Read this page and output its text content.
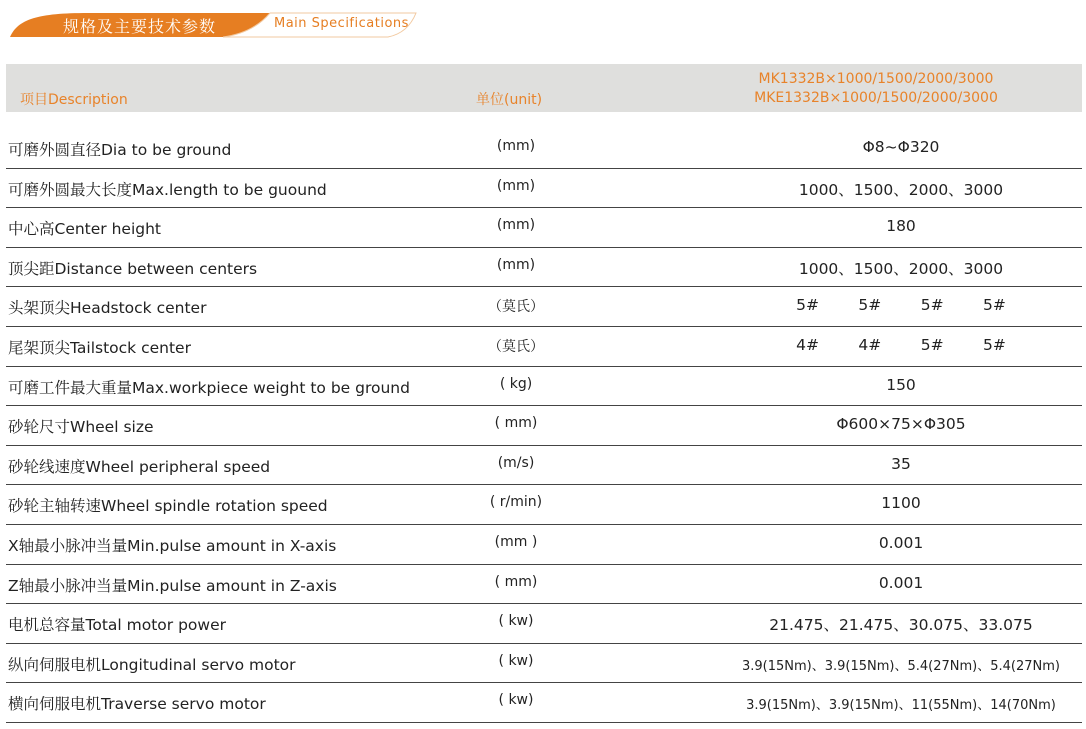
规格及主要技术参数	Main Specifications
项目Description	单位(unit)
MK1332B×1000/1500/2000/3000
MKE1332B×1000/1500/2000/3000
可磨外圆直径Dia to be ground	(mm)	Φ8~Φ320
可磨外圆最大长度Max.length to be guound	(mm)	1000、1500、2000、3000
中心高Center height	(mm)	180
顶尖距Distance between centers	(mm)	1000、1500、2000、3000
头架顶尖Headstock center	（莫氏）	5#        5#        5#        5#
尾架顶尖Tailstock center	（莫氏）	4#        4#        5#        5#
可磨工件最大重量Max.workpiece weight to be ground	( kg)	150
砂轮尺寸Wheel size	( mm)	Φ600×75×Φ305
砂轮线速度Wheel peripheral speed	(m/s)	35
砂轮主轴转速Wheel spindle rotation speed	( r/min)	1100
X轴最小脉冲当量Min.pulse amount in X-axis	(mm )	0.001
Z轴最小脉冲当量Min.pulse amount in Z-axis	( mm)	0.001
电机总容量Total motor power	( kw)	21.475、21.475、30.075、33.075
纵向伺服电机Longitudinal servo motor	( kw)	3.9(15Nm)、3.9(15Nm)、5.4(27Nm)、5.4(27Nm)
横向伺服电机Traverse servo motor	( kw)	3.9(15Nm)、3.9(15Nm)、11(55Nm)、14(70Nm)
